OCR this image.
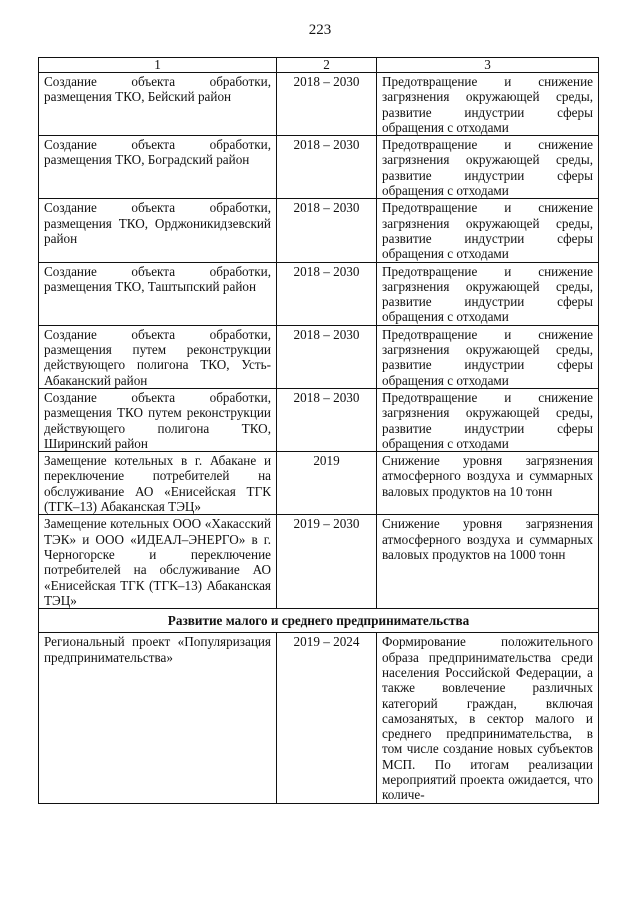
223
1	2	3
Создание объекта обработки, размещения ТКО, Бейский район	2018 – 2030	Предотвращение и снижение загрязнения окружающей среды, развитие индустрии сферы обращения с отходами
Создание объекта обработки, размещения ТКО, Боградский район	2018 – 2030	Предотвращение и снижение загрязнения окружающей среды, развитие индустрии сферы обращения с отходами
Создание объекта обработки, размещения ТКО, Орджоникидзевский район	2018 – 2030	Предотвращение и снижение загрязнения окружающей среды, развитие индустрии сферы обращения с отходами
Создание объекта обработки, размещения ТКО, Таштыпский район	2018 – 2030	Предотвращение и снижение загрязнения окружающей среды, развитие индустрии сферы обращения с отходами
Создание объекта обработки, размещения путем реконструкции действующего полигона ТКО, Усть-Абаканский район	2018 – 2030	Предотвращение и снижение загрязнения окружающей среды, развитие индустрии сферы обращения с отходами
Создание объекта обработки, размещения ТКО путем реконструкции действующего полигона ТКО, Ширинский район	2018 – 2030	Предотвращение и снижение загрязнения окружающей среды, развитие индустрии сферы обращения с отходами
Замещение котельных в г. Абакане и переключение потребителей на обслуживание АО «Енисейская ТГК (ТГК–13) Абаканская ТЭЦ»	2019	Снижение уровня загрязнения атмосферного воздуха и суммарных валовых продуктов на 10 тонн
Замещение котельных ООО «Хакасский ТЭК» и ООО «ИДЕАЛ–ЭНЕРГО» в г. Черногорске и переключение потребителей на обслуживание АО «Енисейская ТГК (ТГК–13) Абаканская ТЭЦ»	2019 – 2030	Снижение уровня загрязнения атмосферного воздуха и суммарных валовых продуктов на 1000 тонн
Развитие малого и среднего предпринимательства		
Региональный проект «Популяризация предпринимательства»	2019 – 2024	Формирование положительного образа предпринимательства среди населения Российской Федерации, а также вовлечение различных категорий граждан, включая самозанятых, в сектор малого и среднего предпринимательства, в том числе создание новых субъектов МСП. По итогам реализации мероприятий проекта ожидается, что количе-
